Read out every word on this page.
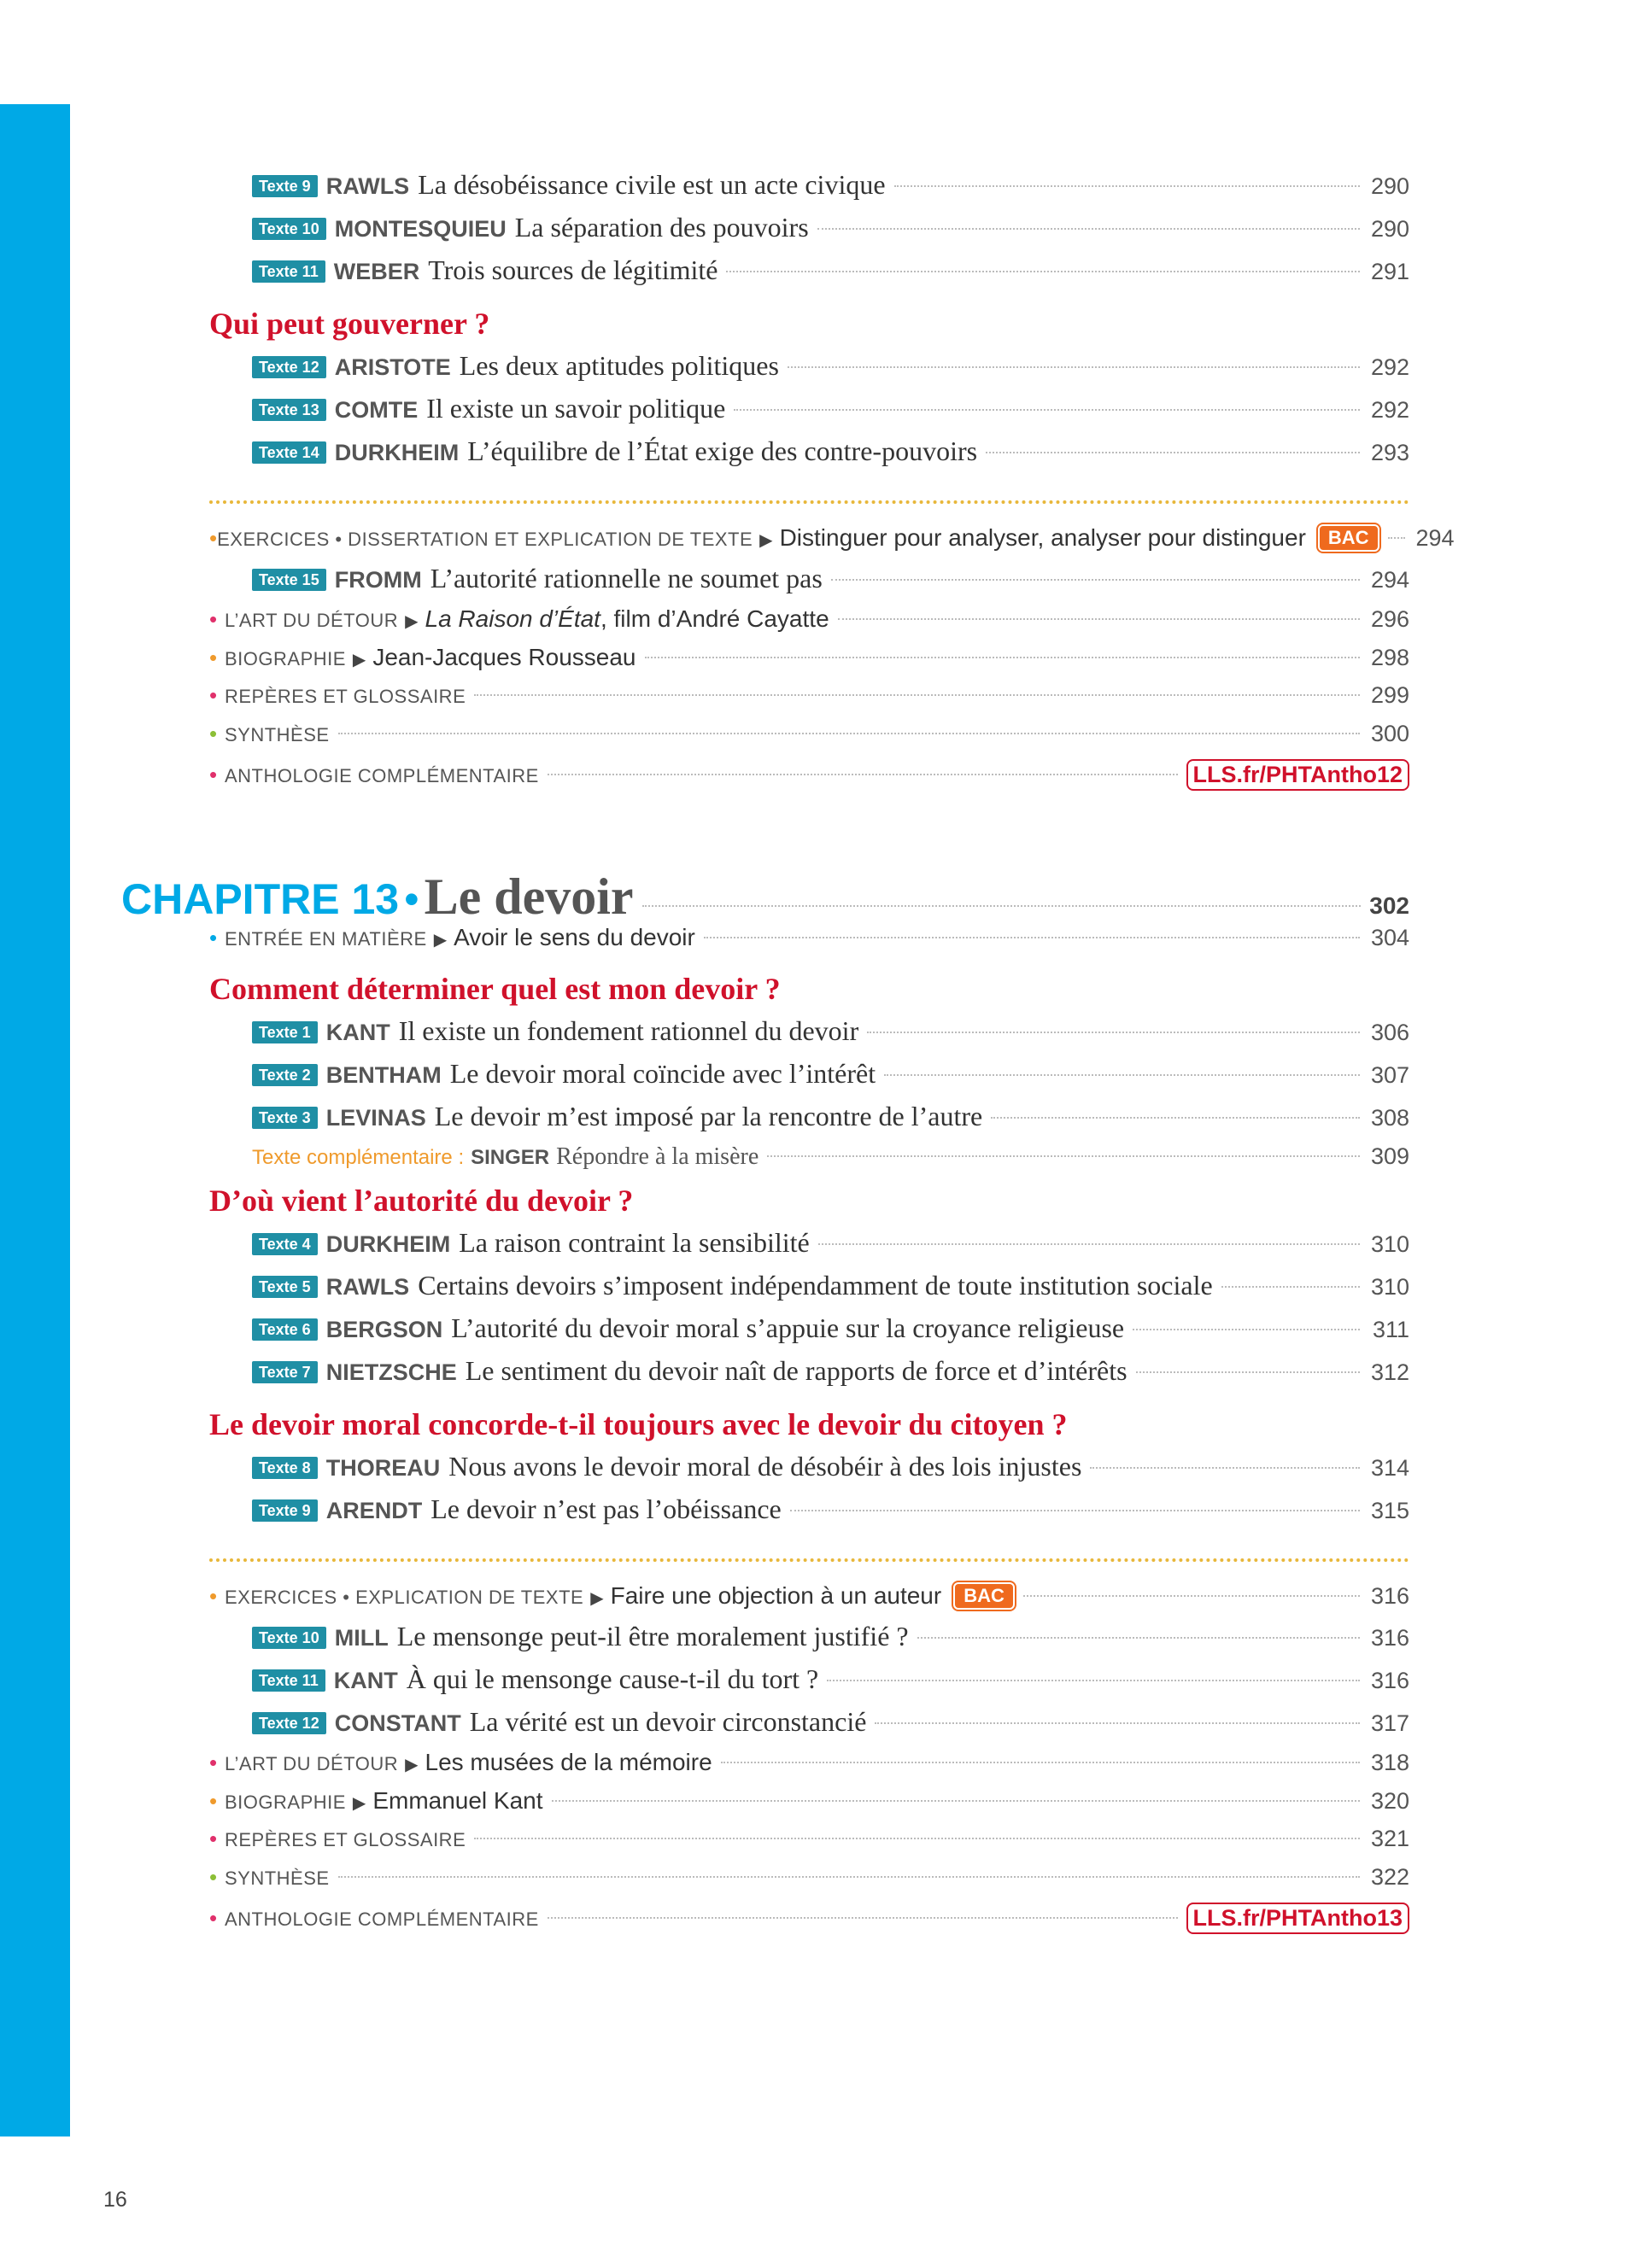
Texte 9 RAWLS La désobéissance civile est un acte civique	290
Texte 10 MONTESQUIEU La séparation des pouvoirs	290
Texte 11 WEBER Trois sources de légitimité	291
Qui peut gouverner ?
Texte 12 ARISTOTE Les deux aptitudes politiques	292
Texte 13 COMTE Il existe un savoir politique	292
Texte 14 DURKHEIM L’équilibre de l’État exige des contre-pouvoirs	293
• EXERCICES • DISSERTATION ET EXPLICATION DE TEXTE ▶ Distinguer pour analyser, analyser pour distinguer	BAC	294
Texte 15 FROMM L’autorité rationnelle ne soumet pas	294
• L’ART DU DÉTOUR ▶ La Raison d’État, film d’André Cayatte	296
• BIOGRAPHIE ▶ Jean-Jacques Rousseau	298
• REPÈRES ET GLOSSAIRE	299
• SYNTHÈSE	300
• ANTHOLOGIE COMPLÉMENTAIRE	LLS.fr/PHTAntho12
CHAPITRE 13 • Le devoir	302
• ENTRÉE EN MATIÈRE ▶ Avoir le sens du devoir	304
Comment déterminer quel est mon devoir ?
Texte 1 KANT Il existe un fondement rationnel du devoir	306
Texte 2 BENTHAM Le devoir moral coïncide avec l’intérêt	307
Texte 3 LEVINAS Le devoir m’est imposé par la rencontre de l’autre	308
Texte complémentaire : SINGER Répondre à la misère	309
D’où vient l’autorité du devoir ?
Texte 4 DURKHEIM La raison contraint la sensibilité	310
Texte 5 RAWLS Certains devoirs s’imposent indépendamment de toute institution sociale	310
Texte 6 BERGSON L’autorité du devoir moral s’appuie sur la croyance religieuse	311
Texte 7 NIETZSCHE Le sentiment du devoir naît de rapports de force et d’intérêts	312
Le devoir moral concorde-t-il toujours avec le devoir du citoyen ?
Texte 8 THOREAU Nous avons le devoir moral de désobéir à des lois injustes	314
Texte 9 ARENDT Le devoir n’est pas l’obéissance	315
• EXERCICES • EXPLICATION DE TEXTE ▶ Faire une objection à un auteur	BAC	316
Texte 10 MILL Le mensonge peut-il être moralement justifié ?	316
Texte 11 KANT À qui le mensonge cause-t-il du tort ?	316
Texte 12 CONSTANT La vérité est un devoir circonstancié	317
• L’ART DU DÉTOUR ▶ Les musées de la mémoire	318
• BIOGRAPHIE ▶ Emmanuel Kant	320
• REPÈRES ET GLOSSAIRE	321
• SYNTHÈSE	322
• ANTHOLOGIE COMPLÉMENTAIRE	LLS.fr/PHTAntho13
16
